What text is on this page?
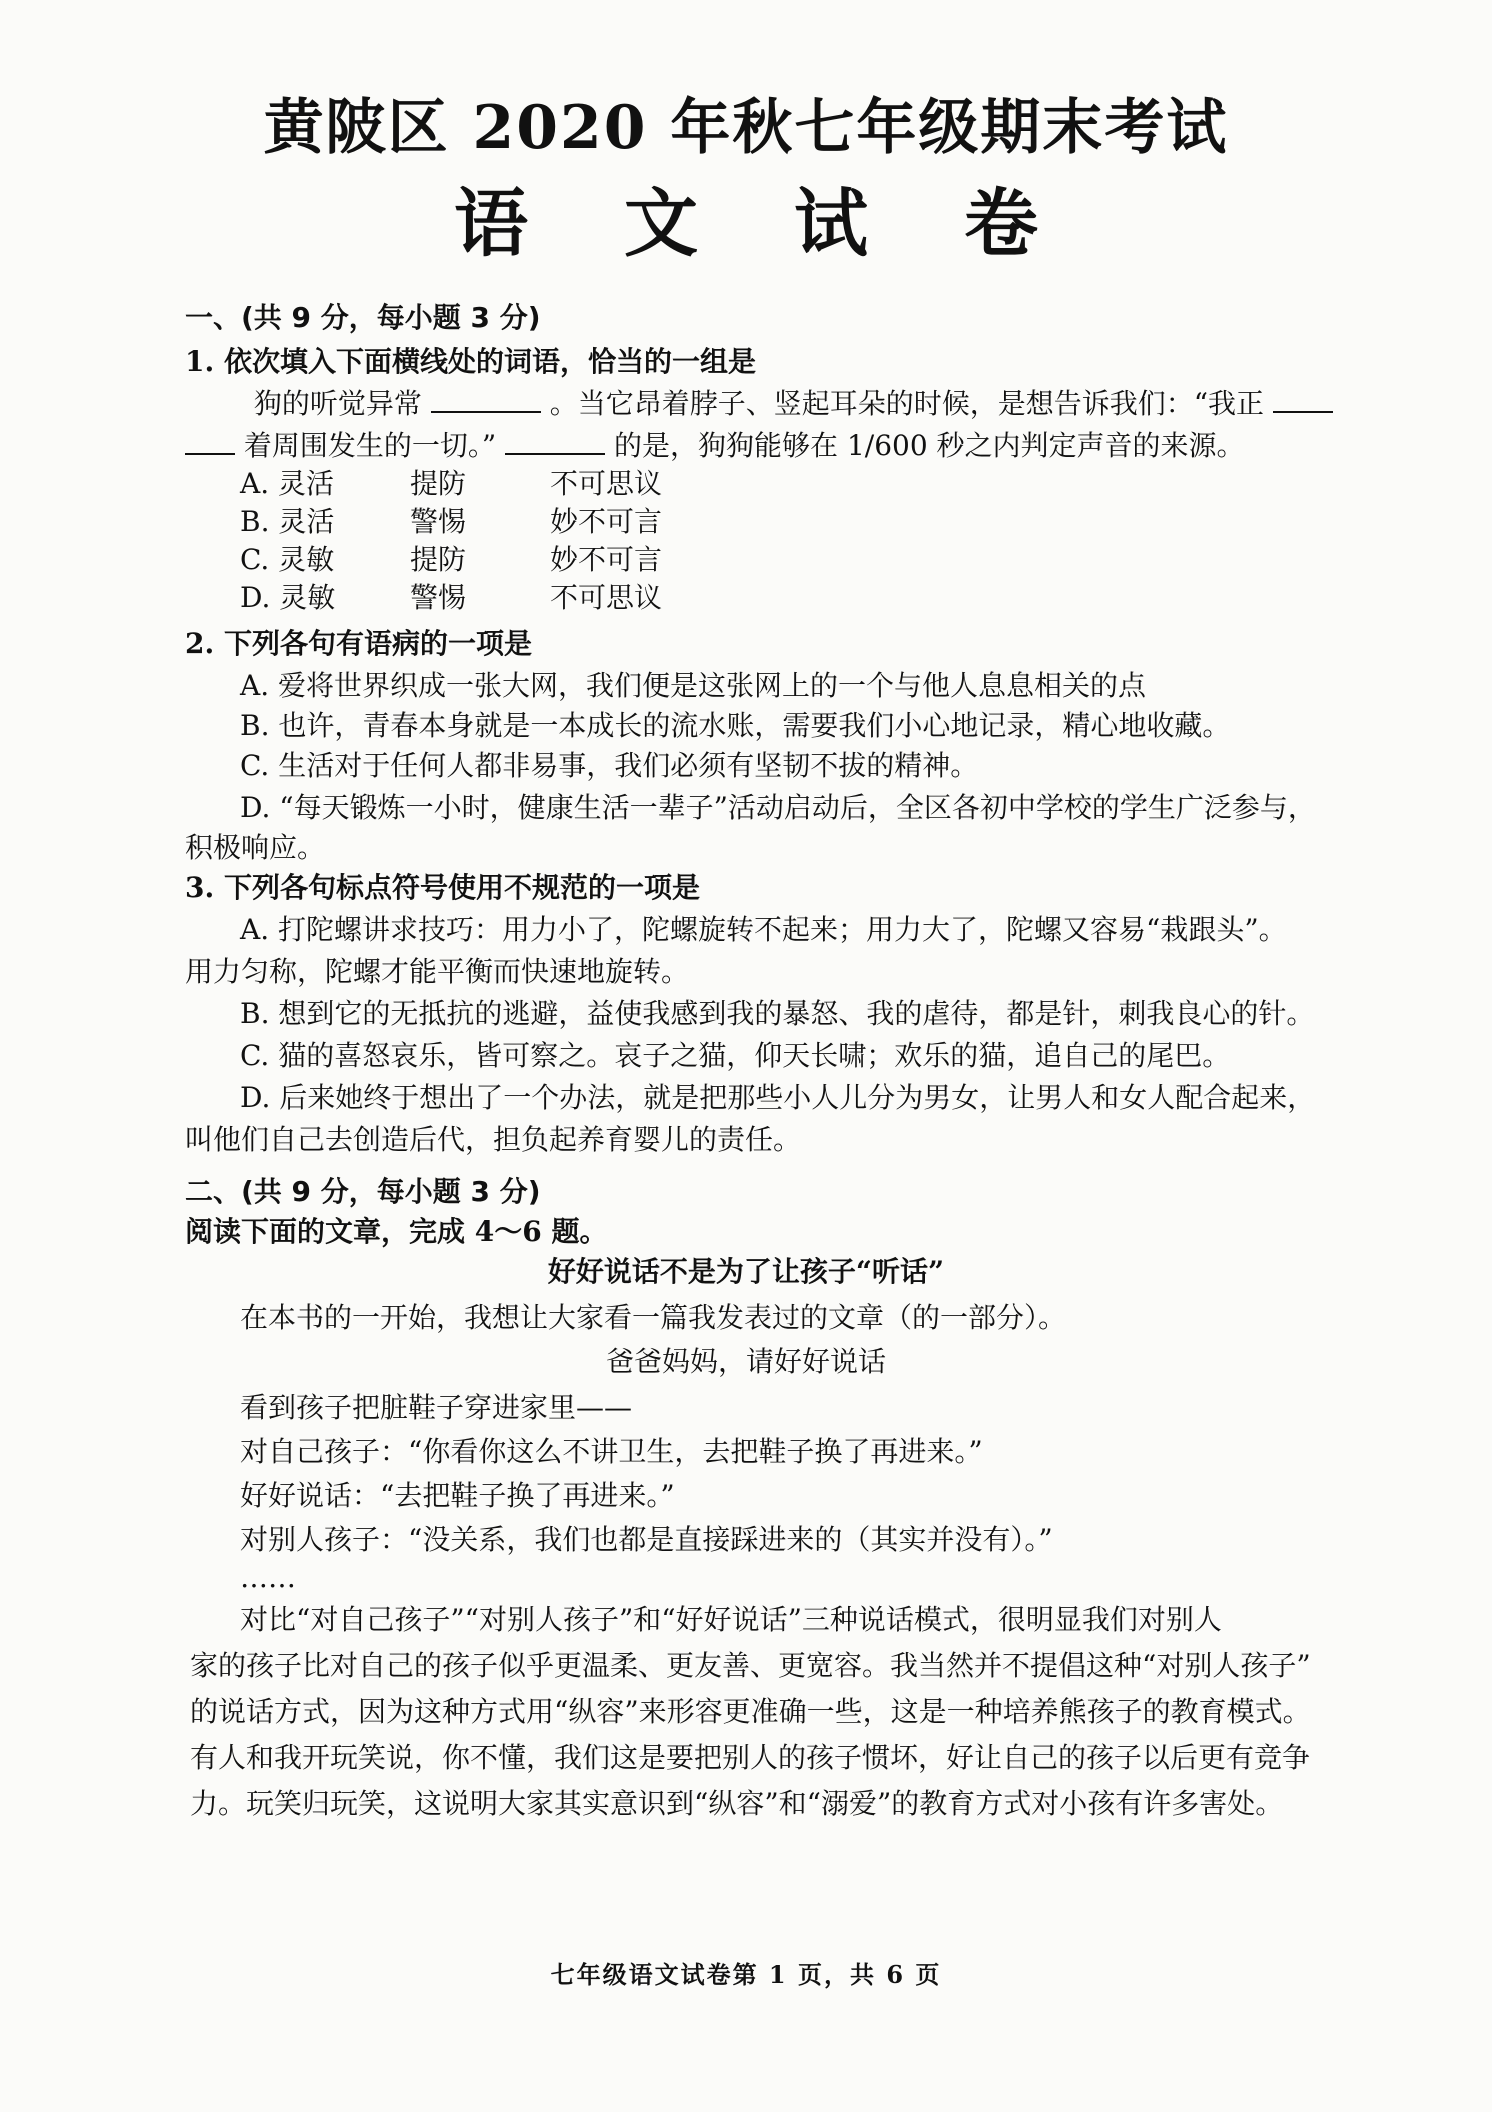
黄陂区 2020 年秋七年级期末考试
语文试卷
一、(共 9 分，每小题 3 分)
1. 依次填入下面横线处的词语，恰当的一组是
狗的听觉异常	。当它昂着脖子、竖起耳朵的时候，是想告诉我们：“我正
着周围发生的一切。”	的是，狗狗能够在 1/600 秒之内判定声音的来源。
A. 灵活	提防	不可思议
B. 灵活	警惕	妙不可言
C. 灵敏	提防	妙不可言
D. 灵敏	警惕	不可思议
2. 下列各句有语病的一项是
A. 爱将世界织成一张大网，我们便是这张网上的一个与他人息息相关的点
B. 也许，青春本身就是一本成长的流水账，需要我们小心地记录，精心地收藏。
C. 生活对于任何人都非易事，我们必须有坚韧不拔的精神。
D. “每天锻炼一小时，健康生活一辈子”活动启动后，全区各初中学校的学生广泛参与，
积极响应。
3. 下列各句标点符号使用不规范的一项是
A. 打陀螺讲求技巧：用力小了，陀螺旋转不起来；用力大了，陀螺又容易“栽跟头”。
用力匀称，陀螺才能平衡而快速地旋转。
B. 想到它的无抵抗的逃避，益使我感到我的暴怒、我的虐待，都是针，刺我良心的针。
C. 猫的喜怒哀乐，皆可察之。哀子之猫，仰天长啸；欢乐的猫，追自己的尾巴。
D. 后来她终于想出了一个办法，就是把那些小人儿分为男女，让男人和女人配合起来，
叫他们自己去创造后代，担负起养育婴儿的责任。
二、(共 9 分，每小题 3 分)
阅读下面的文章，完成 4～6 题。
好好说话不是为了让孩子“听话”
在本书的一开始，我想让大家看一篇我发表过的文章（的一部分）。
爸爸妈妈，请好好说话
看到孩子把脏鞋子穿进家里——
对自己孩子：“你看你这么不讲卫生，去把鞋子换了再进来。”
好好说话：“去把鞋子换了再进来。”
对别人孩子：“没关系，我们也都是直接踩进来的（其实并没有）。”
……
对比“对自己孩子”“对别人孩子”和“好好说话”三种说话模式，很明显我们对别人
家的孩子比对自己的孩子似乎更温柔、更友善、更宽容。我当然并不提倡这种“对别人孩子”
的说话方式，因为这种方式用“纵容”来形容更准确一些，这是一种培养熊孩子的教育模式。
有人和我开玩笑说，你不懂，我们这是要把别人的孩子惯坏，好让自己的孩子以后更有竞争
力。玩笑归玩笑，这说明大家其实意识到“纵容”和“溺爱”的教育方式对小孩有许多害处。
七年级语文试卷第 1 页，共 6 页
